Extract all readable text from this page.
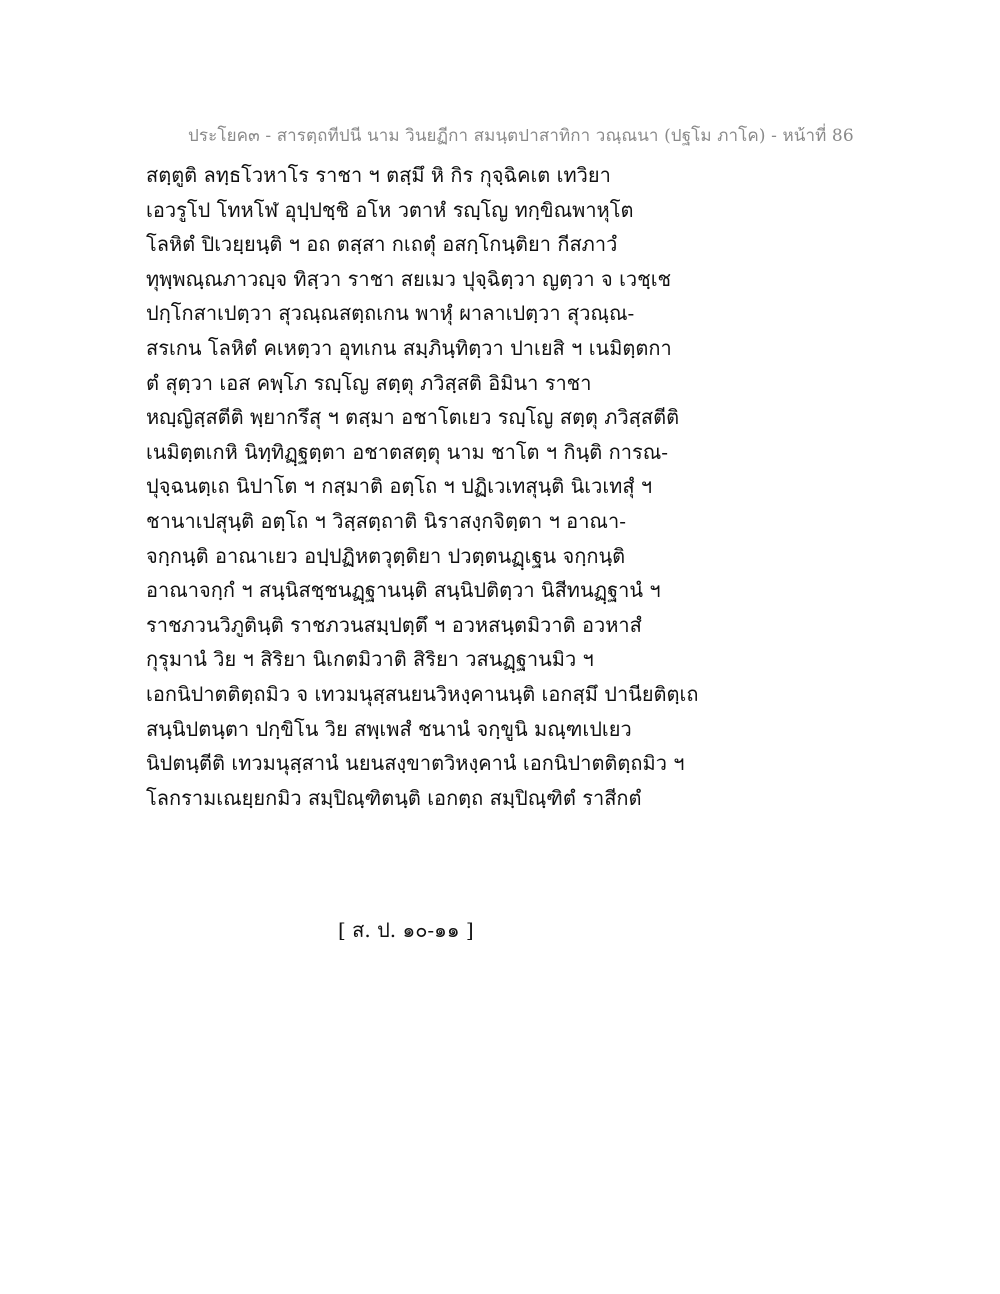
ประโยค๓ - สารตฺถทีปนี นาม วินยฏีกา สมนฺตปาสาทิกา วณฺณนา (ปฐโม ภาโค) - หน้าที่ 86
สตฺตูติ ลทฺธโวหาโร ราชา ฯ ตสฺมึ หิ กิร กุจฺฉิคเต เทวิยา
เอวรูโป โทหโฬ อุปฺปชฺชิ อโห วตาหํ รญฺโญ ทกฺขิณพาหุโต
โลหิตํ ปิเวยฺยนฺติ ฯ อถ ตสฺสา กเถตุํ อสกฺโกนฺติยา กีสภาวํ
ทุพฺพณฺณภาวญฺจ ทิสฺวา ราชา สยเมว ปุจฺฉิตฺวา ญตฺวา จ เวชฺเช
ปกฺโกสาเปตฺวา สุวณฺณสตฺถเกน พาหุํ ผาลาเปตฺวา สุวณฺณ-
สรเกน โลหิตํ คเหตฺวา อุทเกน สมฺภินฺทิตฺวา ปาเยสิ ฯ เนมิตฺตกา
ตํ สุตฺวา เอส คพฺโภ รญฺโญ สตฺตุ ภวิสฺสติ อิมินา ราชา
หญฺญิสฺสตีติ พฺยากรึสุ ฯ ตสฺมา อชาโตเยว รญฺโญ สตฺตุ ภวิสฺสตีติ
เนมิตฺตเกหิ นิทฺทิฏฺฐตฺตา อชาตสตฺตุ นาม ชาโต ฯ กินฺติ การณ-
ปุจฺฉนตฺเถ นิปาโต ฯ กสฺมาติ อตฺโถ ฯ ปฏิเวเทสุนฺติ นิเวเทสุํ ฯ
ชานาเปสุนฺติ อตฺโถ ฯ วิสฺสตฺถาติ นิราสงฺกจิตฺตา ฯ อาณา-
จกฺกนฺติ อาณาเยว อปฺปฏิหตวุตฺติยา ปวตฺตนฏฺเฐน จกฺกนฺติ
อาณาจกฺกํ ฯ สนฺนิสชฺชนฏฺฐานนฺติ สนฺนิปติตฺวา นิสีทนฏฺฐานํ ฯ
ราชภวนวิภูตินฺติ ราชภวนสมฺปตฺตึ ฯ อวหสนฺตมิวาติ อวหาสํ
กุรุมานํ วิย ฯ สิริยา นิเกตมิวาติ สิริยา วสนฏฺฐานมิว ฯ
เอกนิปาตติตฺถมิว จ เทวมนุสฺสนยนวิหงฺคานนฺติ เอกสฺมึ ปานียติตฺเถ
สนฺนิปตนฺตา ปกฺขิโน วิย สพฺเพสํ ชนานํ จกฺขูนิ มณฺฑเปเยว
นิปตนฺตีติ เทวมนุสฺสานํ นยนสงฺขาตวิหงฺคานํ เอกนิปาตติตฺถมิว ฯ
โลกรามเณยฺยกมิว สมฺปิณฺฑิตนฺติ เอกตฺถ สมฺปิณฺฑิตํ ราสีกตํ
[ ส. ป. ๑๐-๑๑ ]
